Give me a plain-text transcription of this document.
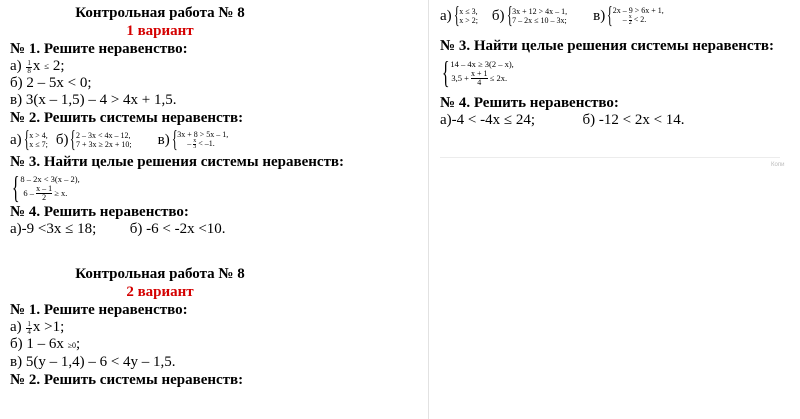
Контрольная работа № 8
1 вариант
№ 1. Решите неравенство:
$а) \frac{1}{8}$ x ≤ 2;
б) 2 – 5x < 0;
в) 3(x – 1,5) – 4 > 4x + 1,5.
№ 2. Решить системы неравенств:
а) { x > 4,
x ≤ 7; б) { 2 – 3x < 4x – 12,
7 + 3x ≥ 2x + 10; в) { 3x + 8 > 5x – 1,
– $\frac{x}{3} < -1$.
№ 3. Найти целые решения системы неравенств:
{ 8 – 2x < 3(x – 2),
$6 - \frac{x - 1}{2} \ge x$.
№ 4. Решить неравенство:
а)-9 <3x ≤ 18; б) -6 < -2x <10.
Контрольная работа № 8
2 вариант
№ 1. Решите неравенство:
$а) \frac{1}{4}$ x >1;
б) 1 – 6x ≥0;
в) 5(y – 1,4) – 6 < 4y – 1,5.
№ 2. Решить системы неравенств:
а) { x ≤ 3,
x > 2; б) { 3x + 12 > 4x – 1,
7 – 2x ≤ 10 – 3x; в) { 2x – 9 > 6x + 1,
– $\frac{x}{2} < 2$.
№ 3. Найти целые решения системы неравенств:
{ 14 – 4x ≥ 3(2 – x),
$3,5 + \frac{x + 1}{4} \le 2x$.
№ 4. Решить неравенство:
а)-4 < -4x ≤ 24;	б) -12 < 2x < 14.
Копи
